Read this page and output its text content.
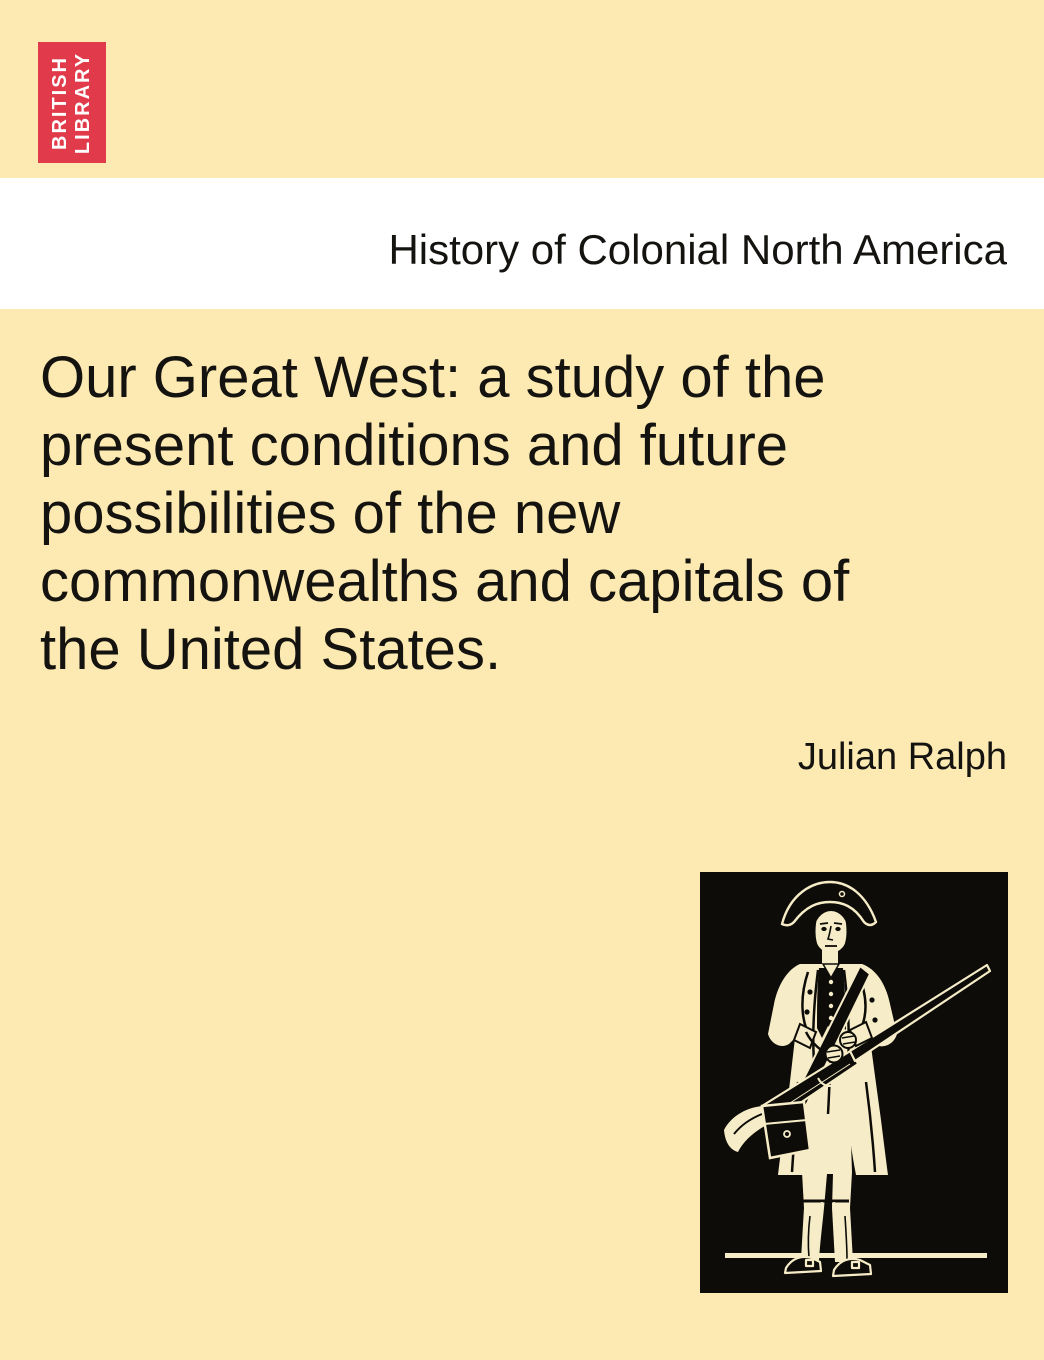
BRITISH LIBRARY
History of Colonial North America
Our Great West: a study of the
present conditions and future
possibilities of the new
commonwealths and capitals of
the United States.
Julian Ralph
